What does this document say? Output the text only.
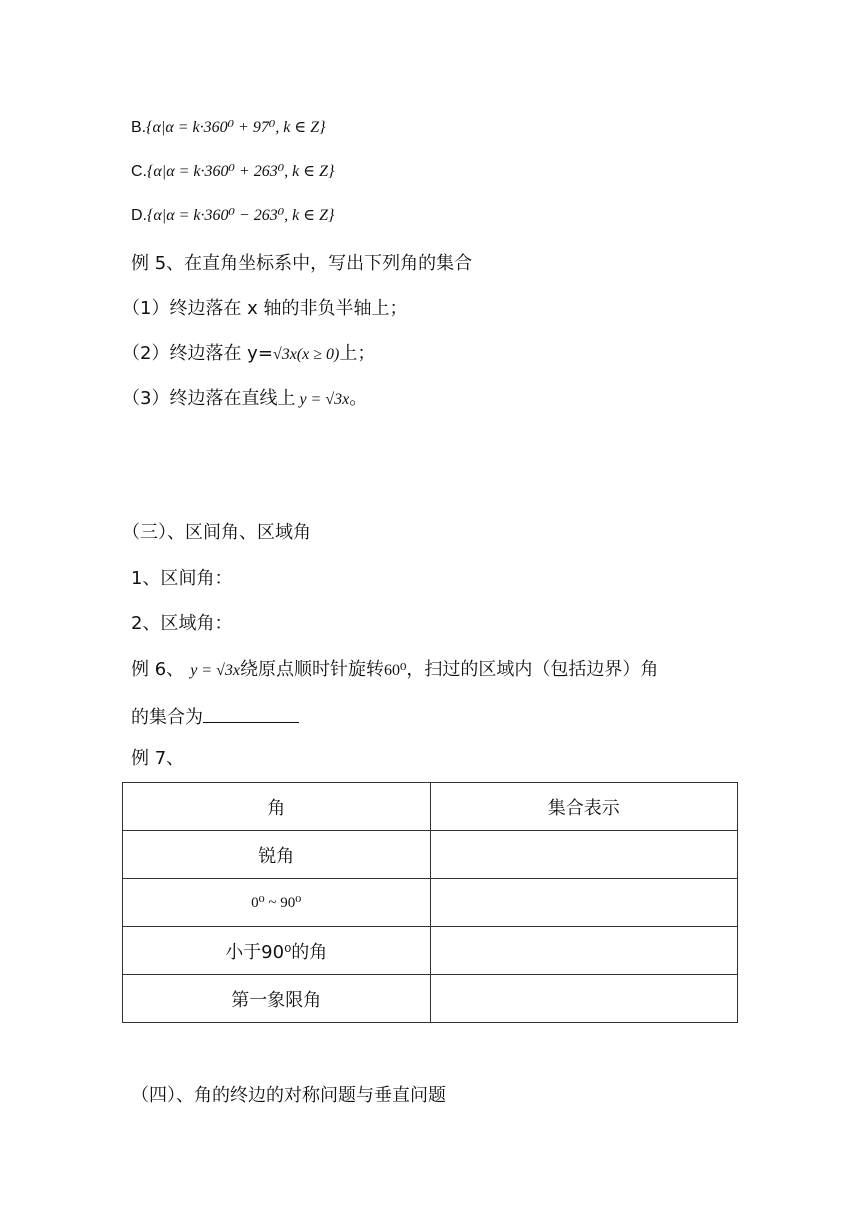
B.{α|α = k·360⁰ + 97⁰, k ∈ Z}
C.{α|α = k·360⁰ + 263⁰, k ∈ Z}
D.{α|α = k·360⁰ − 263⁰, k ∈ Z}
例 5、在直角坐标系中，写出下列角的集合
（1）终边落在 x 轴的非负半轴上；
（2）终边落在 y=√3x(x ≥ 0)上；
（3）终边落在直线上 y = √3x。
（三）、区间角、区域角
1、区间角：
2、区域角：
例 6、 y = √3x绕原点顺时针旋转60⁰，扫过的区域内（包括边界）角
的集合为
例 7、
角	集合表示
锐角	
0⁰ ~ 90⁰	
小于90⁰的角	
第一象限角	
（四）、角的终边的对称问题与垂直问题
